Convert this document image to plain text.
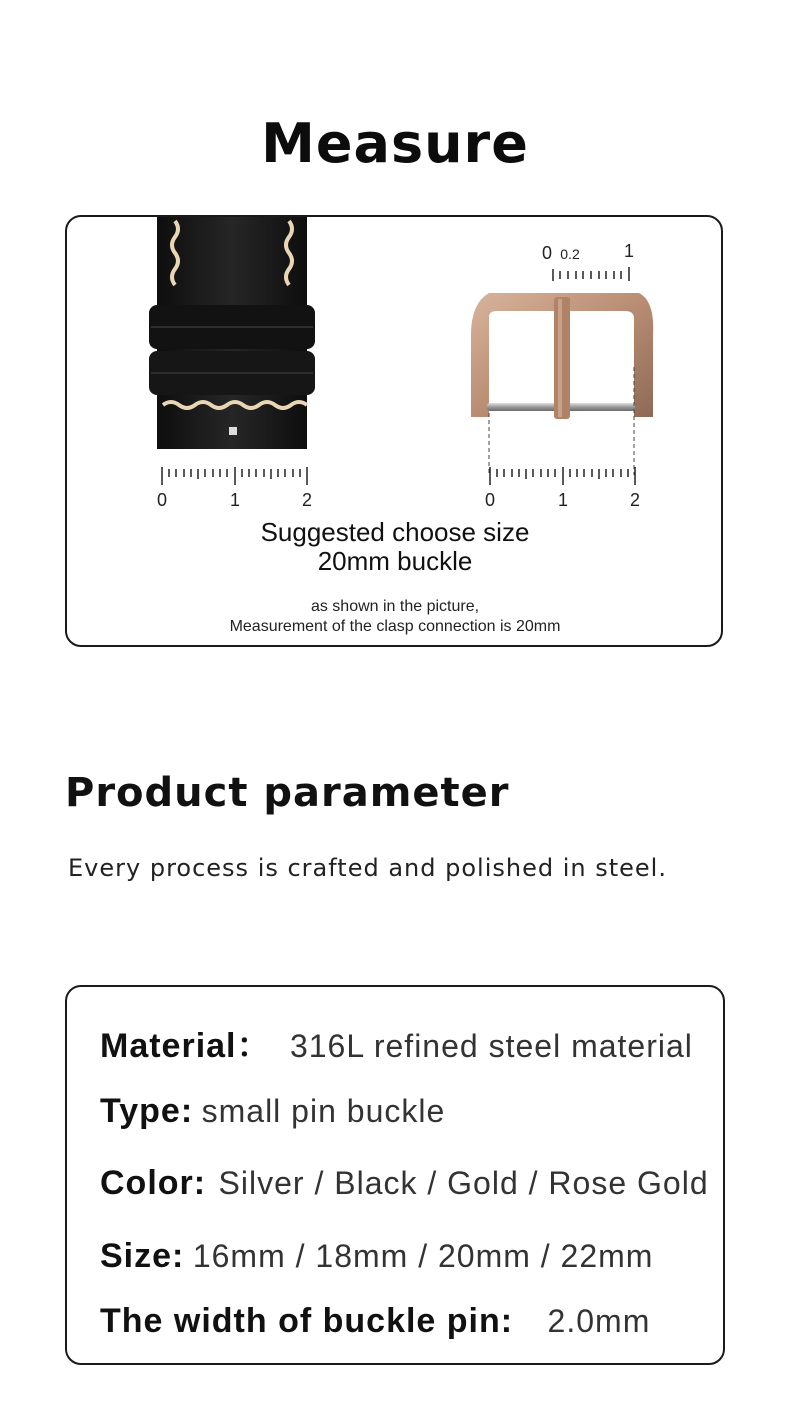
Measure
0	1	2
0 0.2 1
0	1	2
Suggested choose size
20mm buckle
as shown in the picture,
Measurement of the clasp connection is 20mm
Product parameter
Every process is crafted and polished in steel.
Material： 316L refined steel material
Type: small pin buckle
Color: Silver / Black / Gold / Rose Gold
Size: 16mm / 18mm / 20mm / 22mm
The width of buckle pin: 2.0mm
